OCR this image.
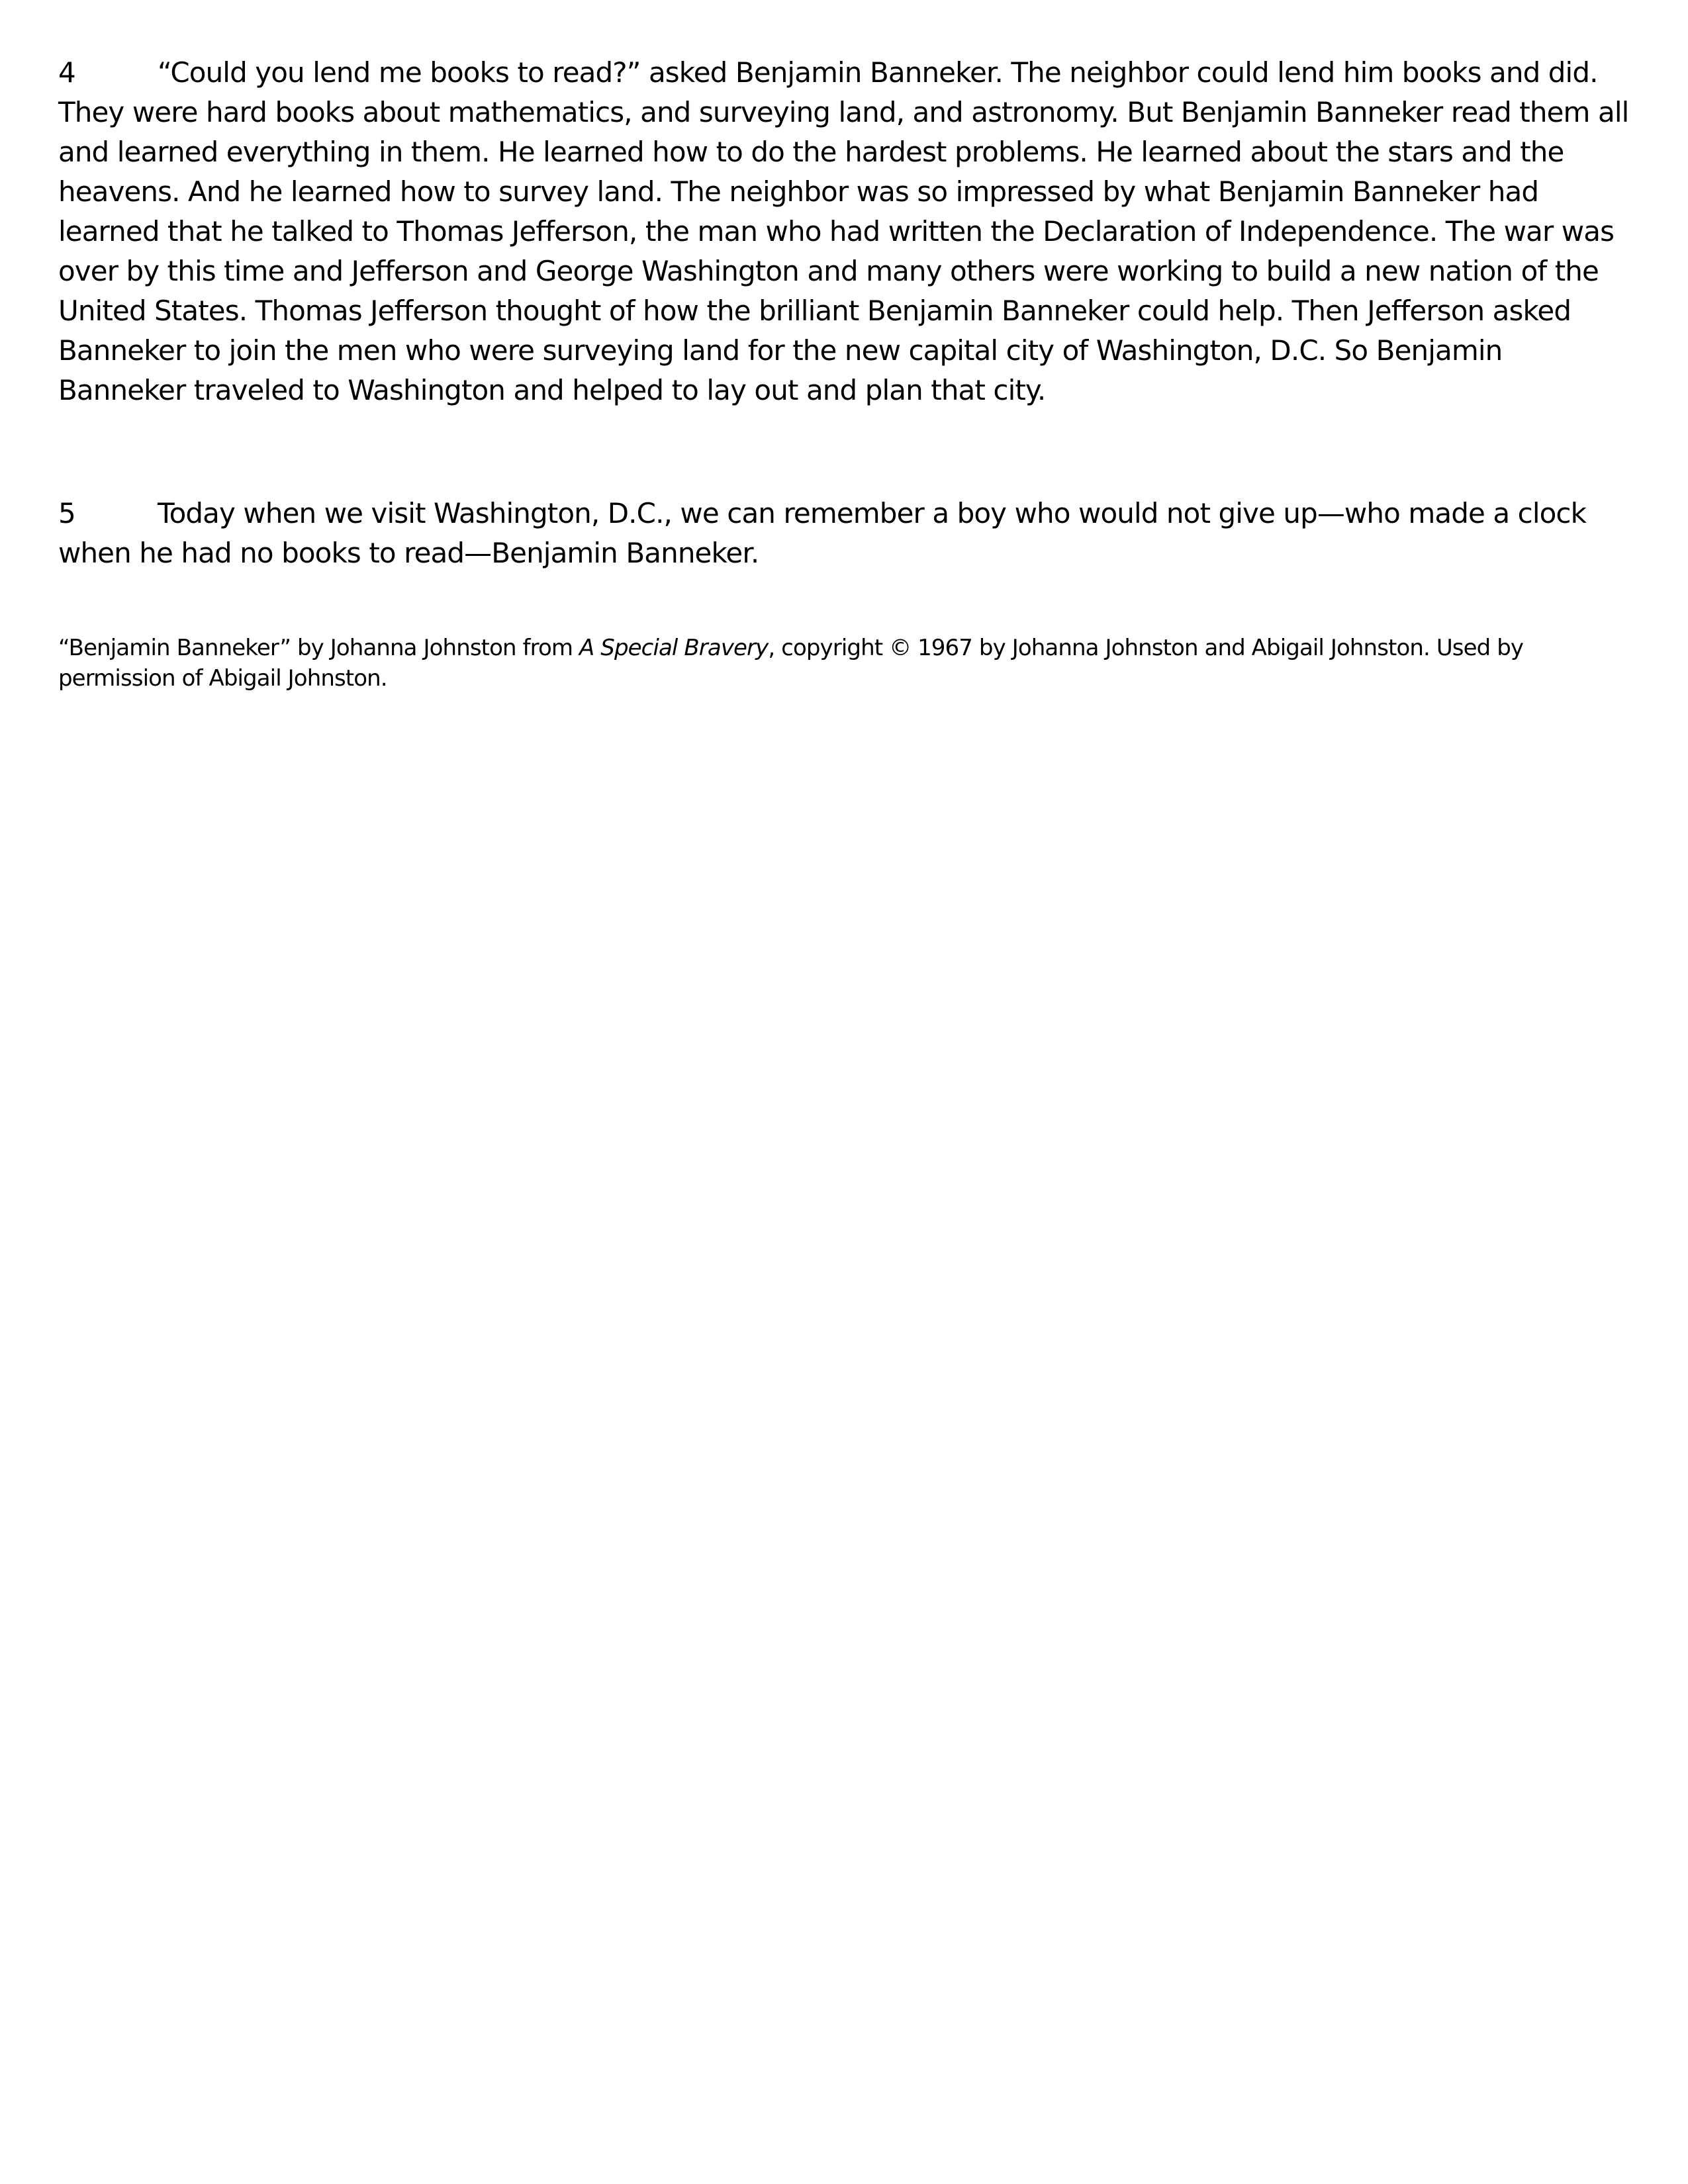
4	“Could you lend me books to read?” asked Benjamin Banneker. The neighbor could lend him books and did. They were hard books about mathematics, and surveying land, and astronomy. But Benjamin Banneker read them all and learned everything in them. He learned how to do the hardest problems. He learned about the stars and the heavens. And he learned how to survey land. The neighbor was so impressed by what Benjamin Banneker had learned that he talked to Thomas Jefferson, the man who had written the Declaration of Independence. The war was over by this time and Jefferson and George Washington and many others were working to build a new nation of the United States. Thomas Jefferson thought of how the brilliant Benjamin Banneker could help. Then Jefferson asked Banneker to join the men who were surveying land for the new capital city of Washington, D.C. So Benjamin Banneker traveled to Washington and helped to lay out and plan that city.

5	Today when we visit Washington, D.C., we can remember a boy who would not give up—who made a clock when he had no books to read—Benjamin Banneker.

“Benjamin Banneker” by Johanna Johnston from A Special Bravery, copyright © 1967 by Johanna Johnston and Abigail Johnston. Used by permission of Abigail Johnston.
